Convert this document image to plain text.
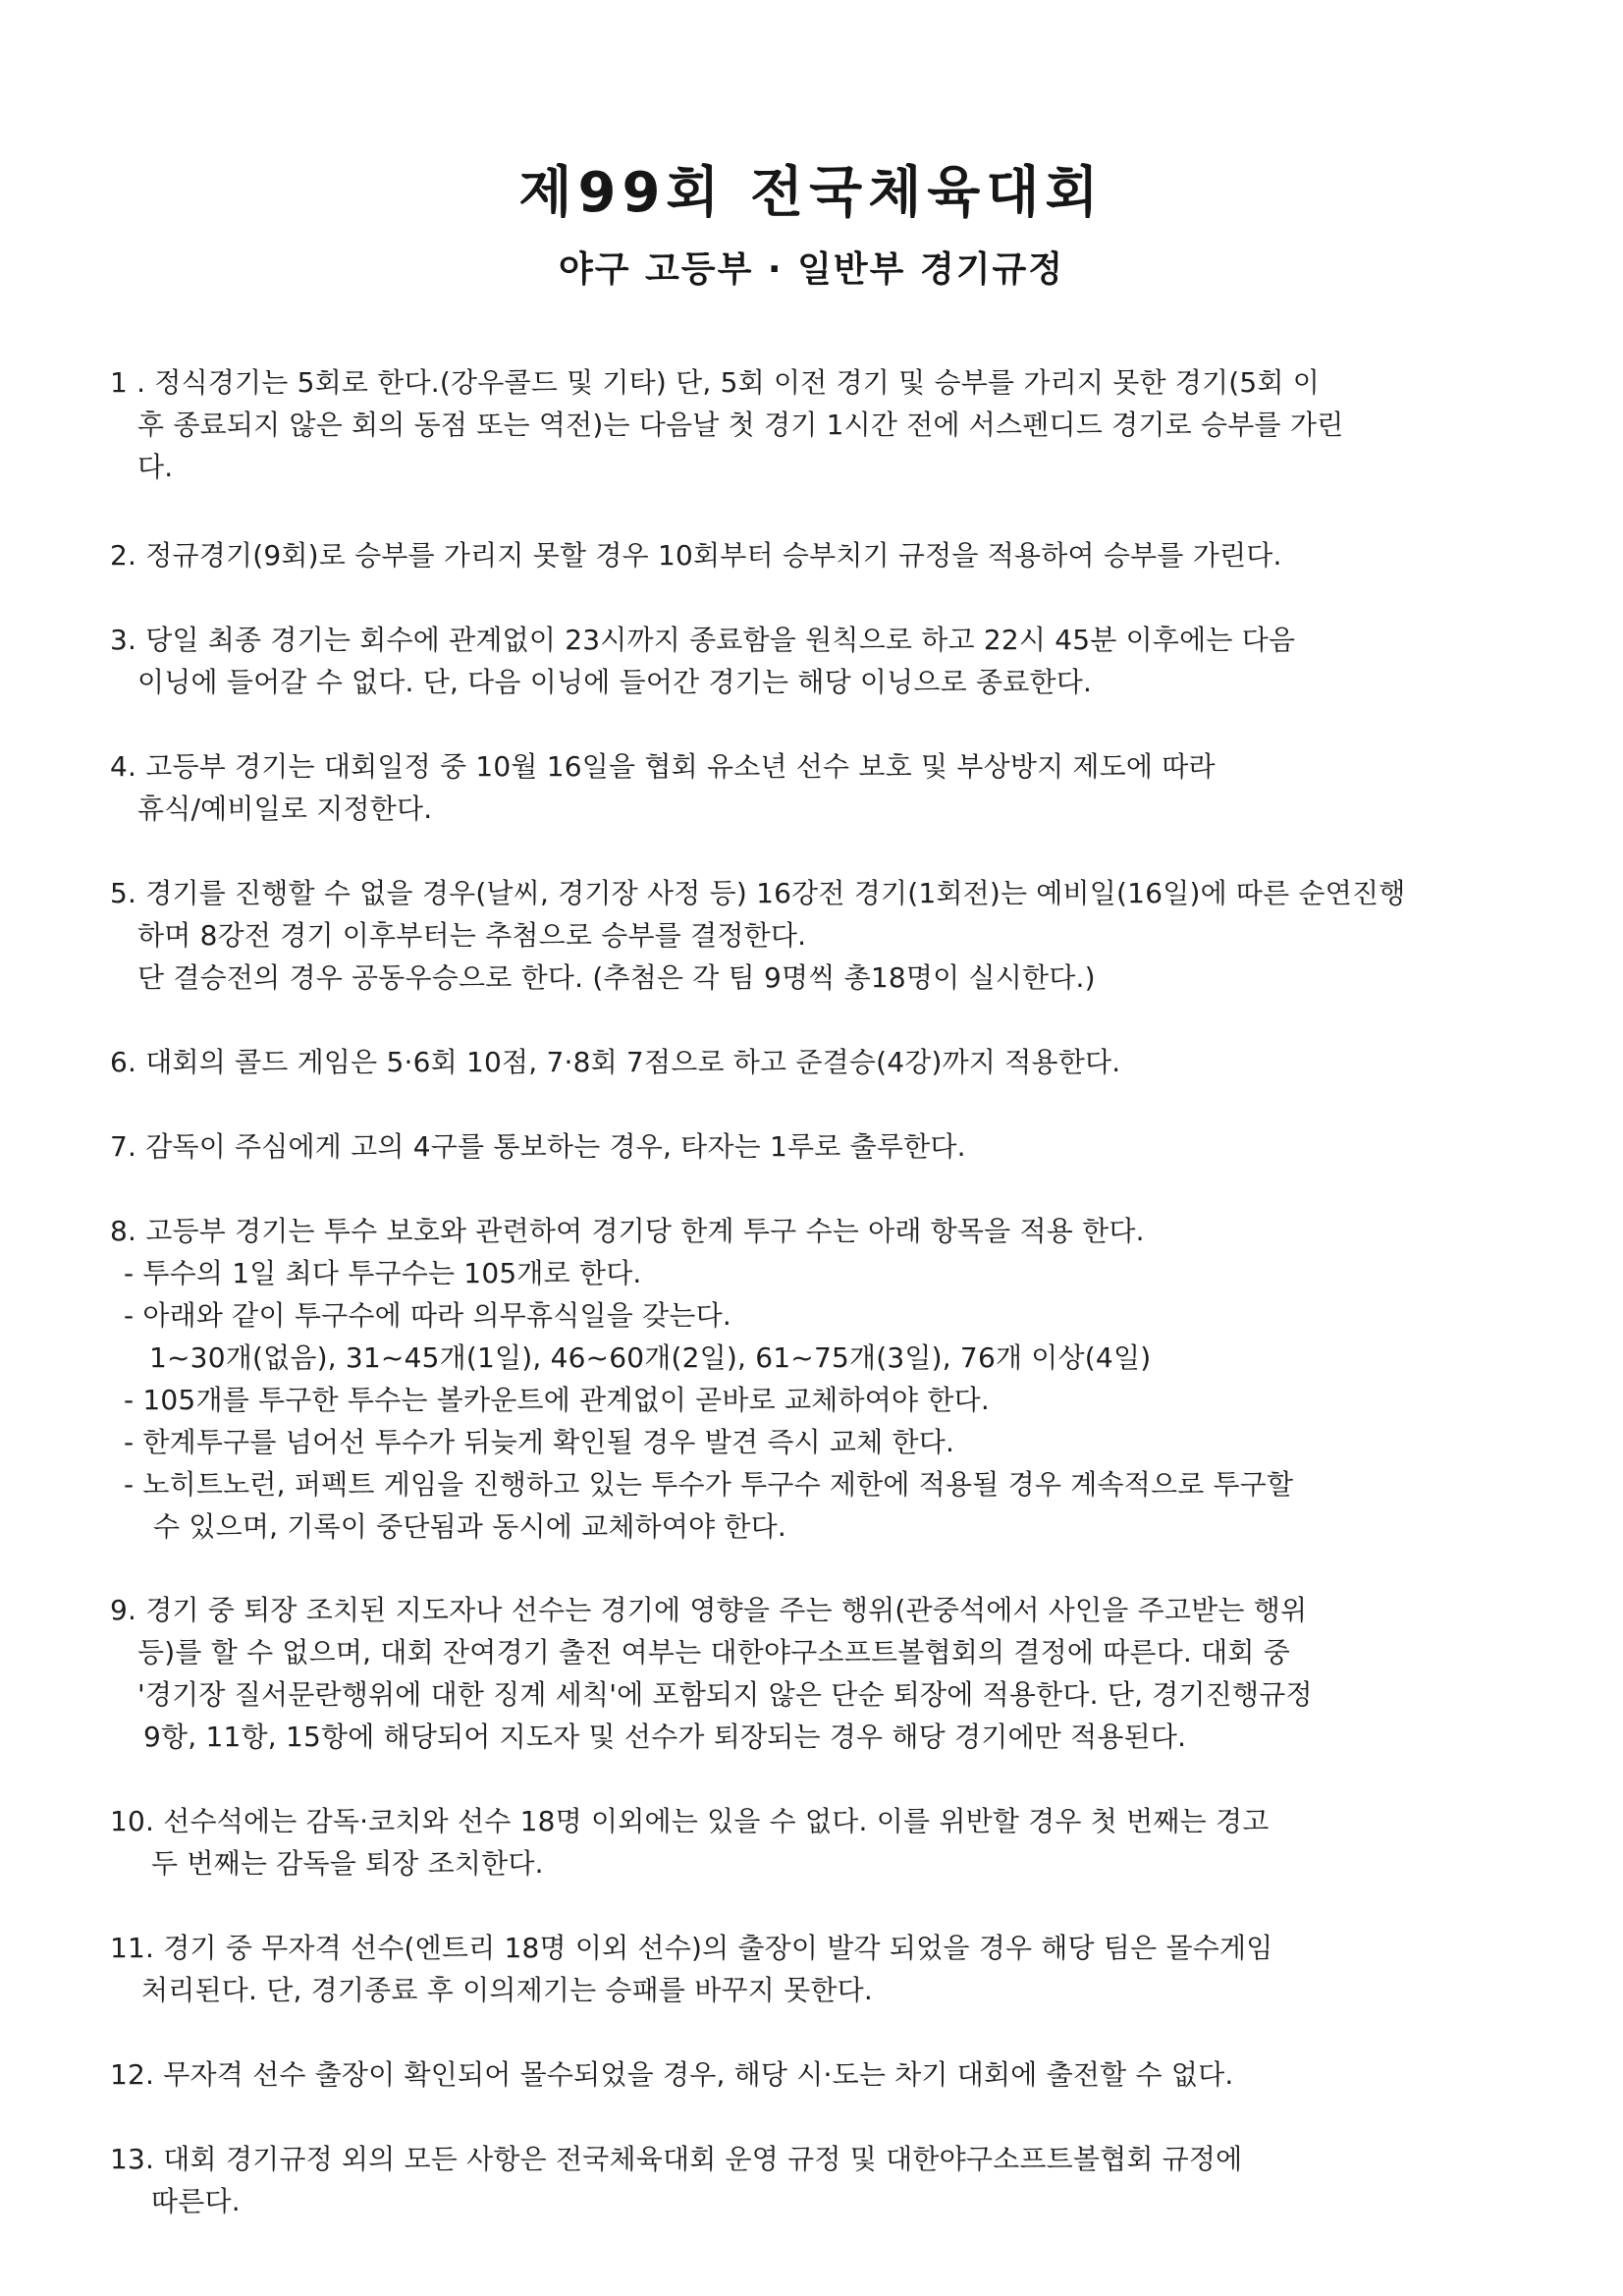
제99회 전국체육대회
야구 고등부 · 일반부 경기규정
1 . 정식경기는 5회로 한다.(강우콜드 및 기타) 단, 5회 이전 경기 및 승부를 가리지 못한 경기(5회 이
후 종료되지 않은 회의 동점 또는 역전)는 다음날 첫 경기 1시간 전에 서스펜디드 경기로 승부를 가린
다.
2. 정규경기(9회)로 승부를 가리지 못할 경우 10회부터 승부치기 규정을 적용하여 승부를 가린다.
3. 당일 최종 경기는 회수에 관계없이 23시까지 종료함을 원칙으로 하고 22시 45분 이후에는 다음
이닝에 들어갈 수 없다. 단, 다음 이닝에 들어간 경기는 해당 이닝으로 종료한다.
4. 고등부 경기는 대회일정 중 10월 16일을 협회 유소년 선수 보호 및 부상방지 제도에 따라
휴식/예비일로 지정한다.
5. 경기를 진행할 수 없을 경우(날씨, 경기장 사정 등) 16강전 경기(1회전)는 예비일(16일)에 따른 순연진행
하며 8강전 경기 이후부터는 추첨으로 승부를 결정한다.
단 결승전의 경우 공동우승으로 한다. (추첨은 각 팀 9명씩 총18명이 실시한다.)
6. 대회의 콜드 게임은 5·6회 10점, 7·8회 7점으로 하고 준결승(4강)까지 적용한다.
7. 감독이 주심에게 고의 4구를 통보하는 경우, 타자는 1루로 출루한다.
8. 고등부 경기는 투수 보호와 관련하여 경기당 한계 투구 수는 아래 항목을 적용 한다.
- 투수의 1일 최다 투구수는 105개로 한다.
- 아래와 같이 투구수에 따라 의무휴식일을 갖는다.
1~30개(없음), 31~45개(1일), 46~60개(2일), 61~75개(3일), 76개 이상(4일)
- 105개를 투구한 투수는 볼카운트에 관계없이 곧바로 교체하여야 한다.
- 한계투구를 넘어선 투수가 뒤늦게 확인될 경우 발견 즉시 교체 한다.
- 노히트노런, 퍼펙트 게임을 진행하고 있는 투수가 투구수 제한에 적용될 경우 계속적으로 투구할
수 있으며, 기록이 중단됨과 동시에 교체하여야 한다.
9. 경기 중 퇴장 조치된 지도자나 선수는 경기에 영향을 주는 행위(관중석에서 사인을 주고받는 행위
등)를 할 수 없으며, 대회 잔여경기 출전 여부는 대한야구소프트볼협회의 결정에 따른다. 대회 중
'경기장 질서문란행위에 대한 징계 세칙'에 포함되지 않은 단순 퇴장에 적용한다. 단, 경기진행규정
9항, 11항, 15항에 해당되어 지도자 및 선수가 퇴장되는 경우 해당 경기에만 적용된다.
10. 선수석에는 감독·코치와 선수 18명 이외에는 있을 수 없다. 이를 위반할 경우 첫 번째는 경고
두 번째는 감독을 퇴장 조치한다.
11. 경기 중 무자격 선수(엔트리 18명 이외 선수)의 출장이 발각 되었을 경우 해당 팀은 몰수게임
처리된다. 단, 경기종료 후 이의제기는 승패를 바꾸지 못한다.
12. 무자격 선수 출장이 확인되어 몰수되었을 경우, 해당 시·도는 차기 대회에 출전할 수 없다.
13. 대회 경기규정 외의 모든 사항은 전국체육대회 운영 규정 및 대한야구소프트볼협회 규정에
따른다.
